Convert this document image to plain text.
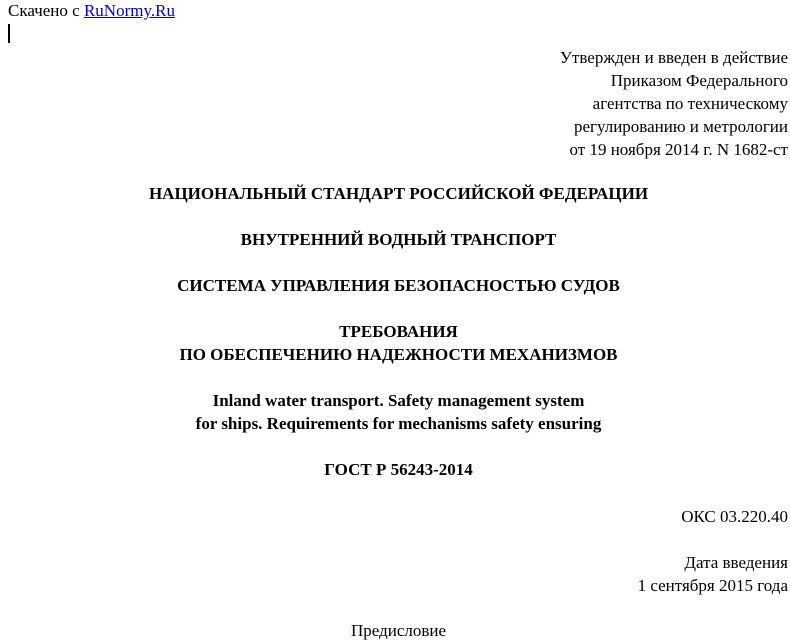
Скачено с RuNormy.Ru
Утвержден и введен в действие
Приказом Федерального
агентства по техническому
регулированию и метрологии
от 19 ноября 2014 г. N 1682-ст
НАЦИОНАЛЬНЫЙ СТАНДАРТ РОССИЙСКОЙ ФЕДЕРАЦИИ
ВНУТРЕННИЙ ВОДНЫЙ ТРАНСПОРТ
СИСТЕМА УПРАВЛЕНИЯ БЕЗОПАСНОСТЬЮ СУДОВ
ТРЕБОВАНИЯ
ПО ОБЕСПЕЧЕНИЮ НАДЕЖНОСТИ МЕХАНИЗМОВ
Inland water transport. Safety management system
for ships. Requirements for mechanisms safety ensuring
ГОСТ Р 56243-2014
ОКС 03.220.40
Дата введения
1 сентября 2015 года
Предисловие
